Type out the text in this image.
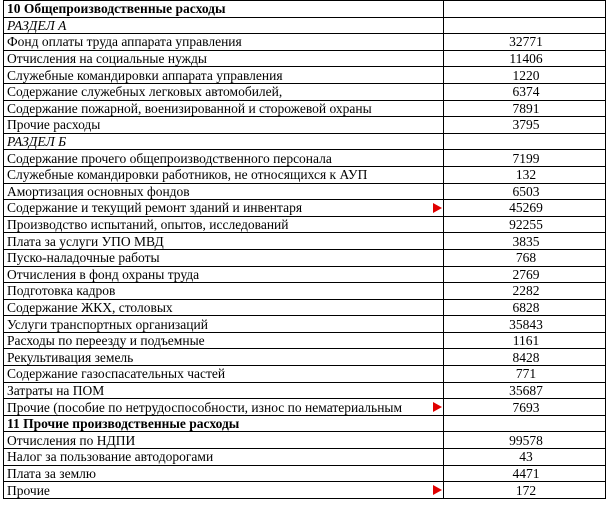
10 Общепроизводственные расходы	
РАЗДЕЛ А	
Фонд оплаты труда аппарата управления	32771
Отчисления на социальные нужды	11406
Служебные командировки аппарата управления	1220
Содержание служебных легковых автомобилей,	6374
Содержание пожарной, военизированной и сторожевой охраны	7891
Прочие расходы	3795
РАЗДЕЛ Б	
Содержание прочего общепроизводственного персонала	7199
Служебные командировки работников, не относящихся к АУП	132
Амортизация основных фондов	6503
Содержание и текущий ремонт зданий и инвентаря	45269
Производство испытаний, опытов, исследований	92255
Плата за услуги УПО МВД	3835
Пуско-наладочные работы	768
Отчисления в фонд охраны труда	2769
Подготовка кадров	2282
Содержание ЖКХ, столовых	6828
Услуги транспортных организаций	35843
Расходы по переезду и подъемные	1161
Рекультивация земель	8428
Содержание газоспасательных частей	771
Затраты на ПОМ	35687
Прочие (пособие по нетрудоспособности, износ по нематериальным	7693
11 Прочие производственные расходы	
Отчисления по НДПИ	99578
Налог за пользование автодорогами	43
Плата за землю	4471
Прочие	172
